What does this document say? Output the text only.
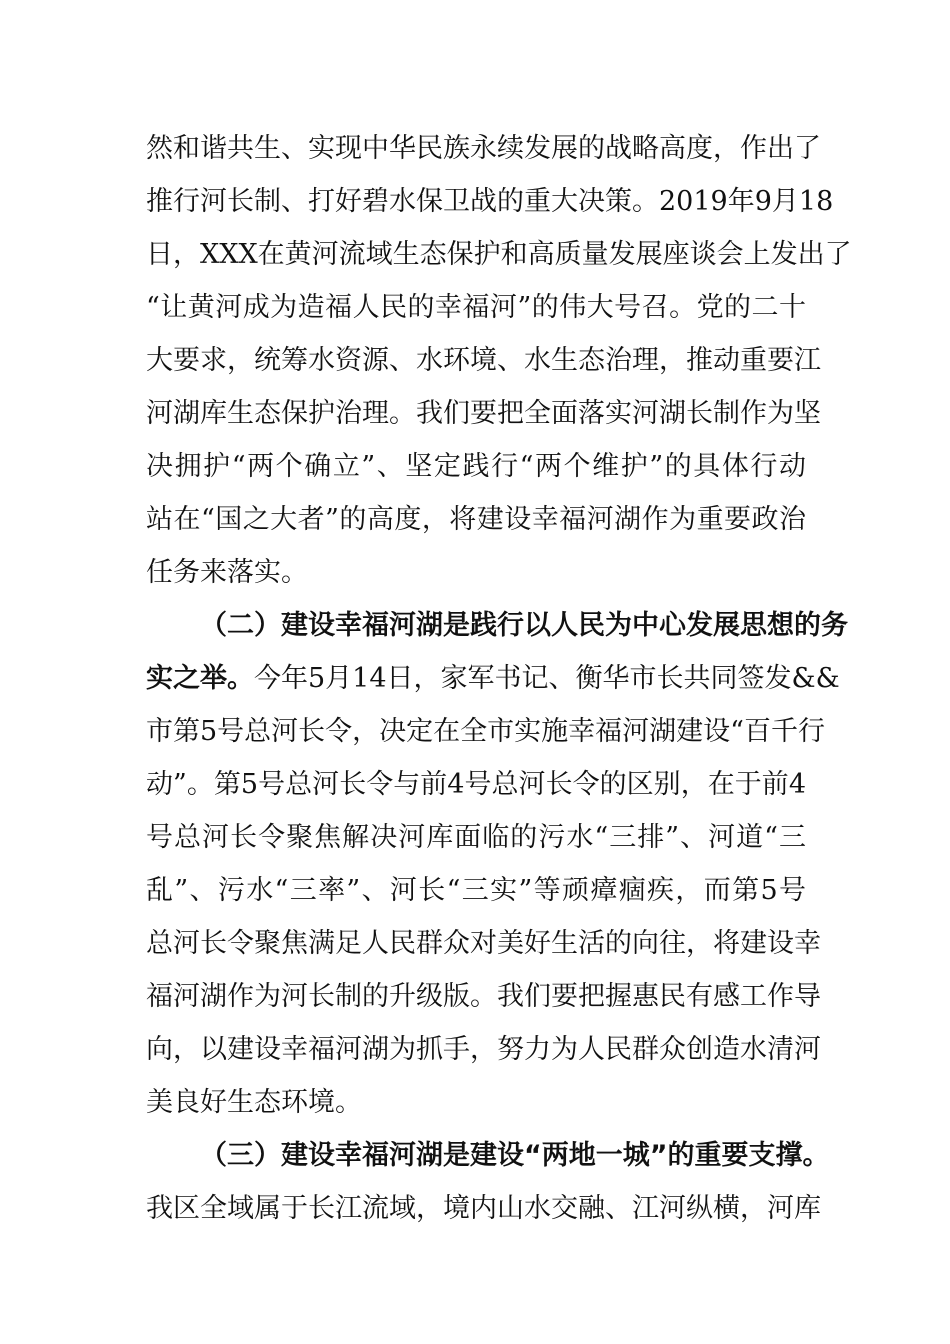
然和谐共生、实现中华民族永续发展的战略高度，作出了
推行河长制、打好碧水保卫战的重大决策。2019年9月18
日，XXX在黄河流域生态保护和高质量发展座谈会上发出了
“让黄河成为造福人民的幸福河”的伟大号召。党的二十
大要求，统筹水资源、水环境、水生态治理，推动重要江
河湖库生态保护治理。我们要把全面落实河湖长制作为坚
决拥护“两个确立”、坚定践行“两个维护”的具体行动
站在“国之大者”的高度，将建设幸福河湖作为重要政治
任务来落实。
（二）建设幸福河湖是践行以人民为中心发展思想的务
实之举。今年5月14日，家军书记、衡华市长共同签发&&
市第5号总河长令，决定在全市实施幸福河湖建设“百千行
动”。第5号总河长令与前4号总河长令的区别，在于前4
号总河长令聚焦解决河库面临的污水“三排”、河道“三
乱”、污水“三率”、河长“三实”等顽瘴痼疾，而第5号
总河长令聚焦满足人民群众对美好生活的向往，将建设幸
福河湖作为河长制的升级版。我们要把握惠民有感工作导
向，以建设幸福河湖为抓手，努力为人民群众创造水清河
美良好生态环境。
（三）建设幸福河湖是建设“两地一城”的重要支撑。
我区全域属于长江流域，境内山水交融、江河纵横，河库
